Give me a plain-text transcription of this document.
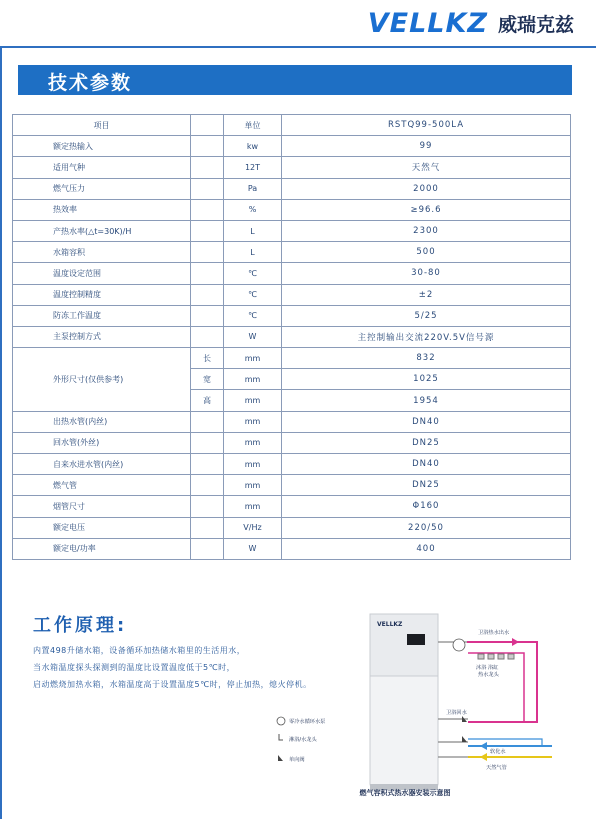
VELLKZ 威瑞克兹
技术参数
项目		单位	RSTQ99-500LA
额定热输入		kw	99
适用气种		12T	天然气
燃气压力		Pa	2000
热效率		%	≥96.6
产热水率(△t=30K)/H		L	2300
水箱容积		L	500
温度设定范围		℃	30-80
温度控制精度		℃	±2
防冻工作温度		℃	5/25
主泵控制方式		W	主控制输出交流220V.5V信号源
外形尺寸(仅供参考)	长	mm	832
	宽	mm	1025
	高	mm	1954
出热水管(内丝)		mm	DN40
回水管(外丝)		mm	DN25
自来水进水管(内丝)		mm	DN40
燃气管		mm	DN25
烟管尺寸		mm	Φ160
额定电压		V/Hz	220/50
额定电/功率		W	400
工作原理:
内置498升储水箱，设备循环加热储水箱里的生活用水，
当水箱温度探头探测到的温度比设置温度低于5℃时，
启动燃烧加热水箱，水箱温度高于设置温度5℃时，停止加热，熄火停机。
VELLKZ
卫浴热水出水
沐浴 浴缸
热水龙头
卫浴回水
软化水
天然气管
零冷水循环水泵
淋浴/水龙头
单向阀
燃气容积式热水器安装示意图
